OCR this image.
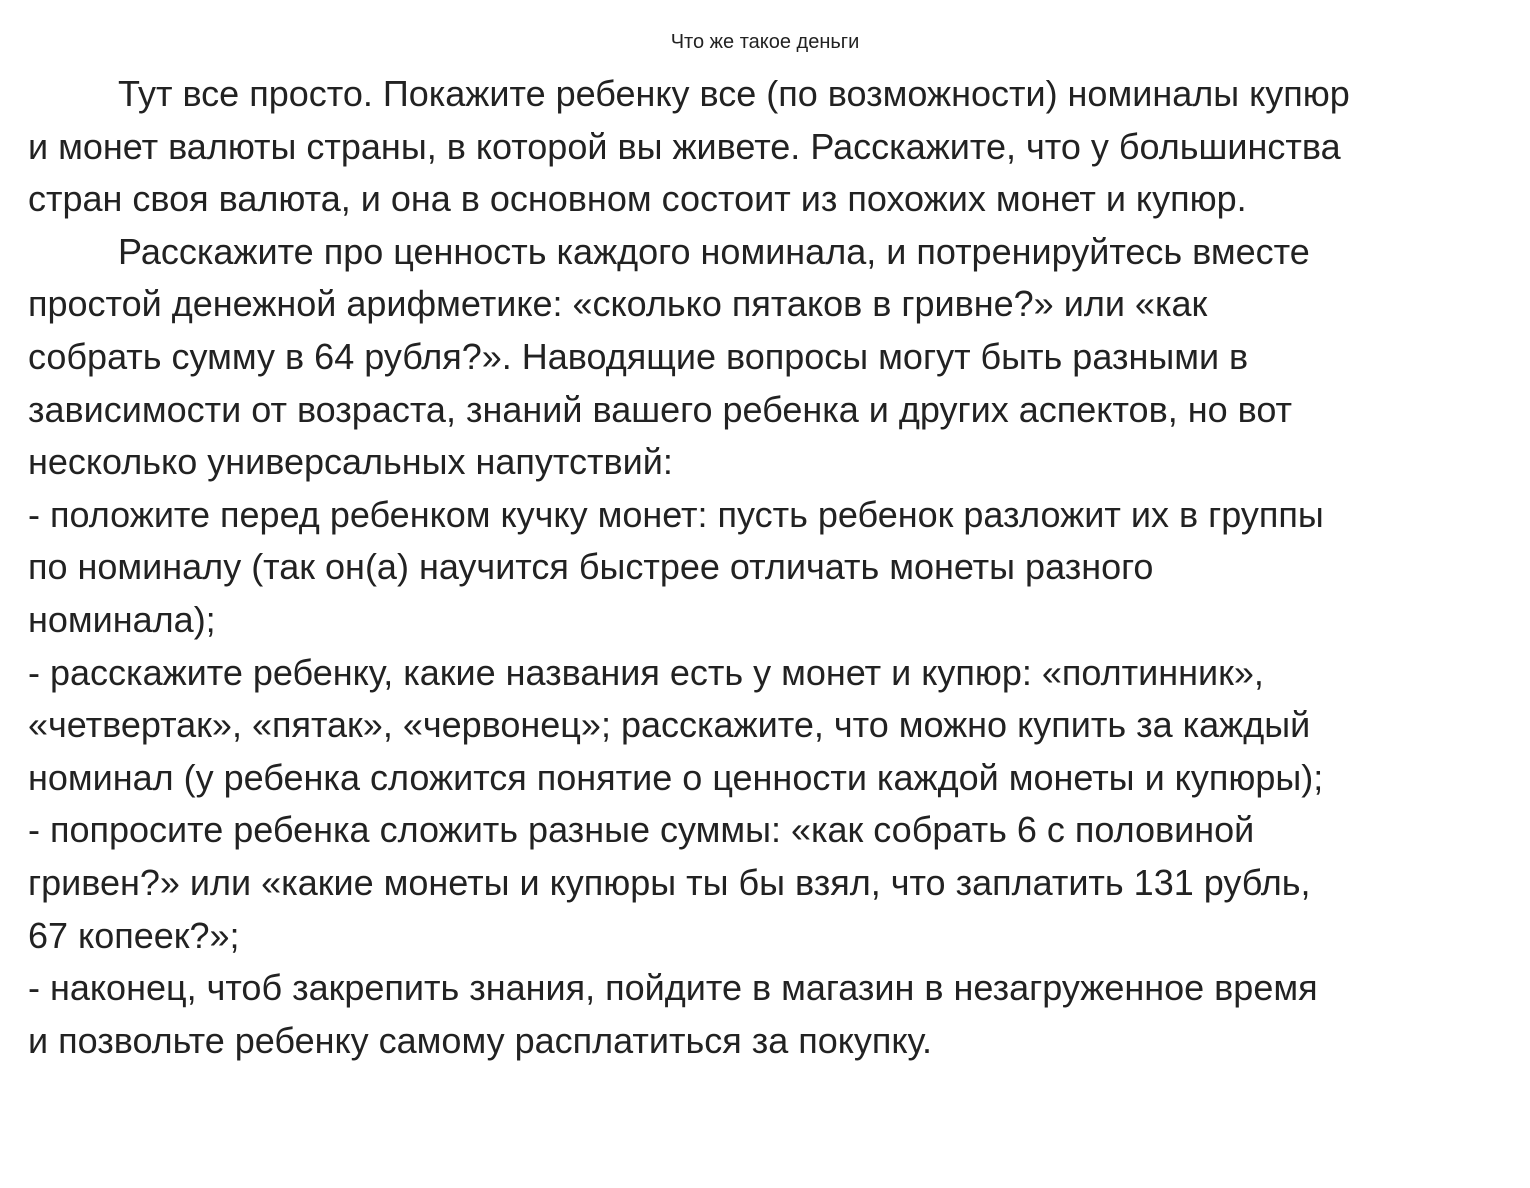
Что же такое деньги
Тут все просто. Покажите ребенку все (по возможности) номиналы купюр
и монет валюты страны, в которой вы живете. Расскажите, что у большинства
стран своя валюта, и она в основном состоит из похожих монет и купюр.
Расскажите про ценность каждого номинала, и потренируйтесь вместе
простой денежной арифметике: «сколько пятаков в гривне?» или «как
собрать сумму в 64 рубля?». Наводящие вопросы могут быть разными в
зависимости от возраста, знаний вашего ребенка и других аспектов, но вот
несколько универсальных напутствий:
- положите перед ребенком кучку монет: пусть ребенок разложит их в группы
по номиналу (так он(а) научится быстрее отличать монеты разного
номинала);
- расскажите ребенку, какие названия есть у монет и купюр: «полтинник»,
«четвертак», «пятак», «червонец»; расскажите, что можно купить за каждый
номинал (у ребенка сложится понятие о ценности каждой монеты и купюры);
- попросите ребенка сложить разные суммы: «как собрать 6 с половиной
гривен?» или «какие монеты и купюры ты бы взял, что заплатить 131 рубль,
67 копеек?»;
- наконец, чтоб закрепить знания, пойдите в магазин в незагруженное время
и позвольте ребенку самому расплатиться за покупку.
